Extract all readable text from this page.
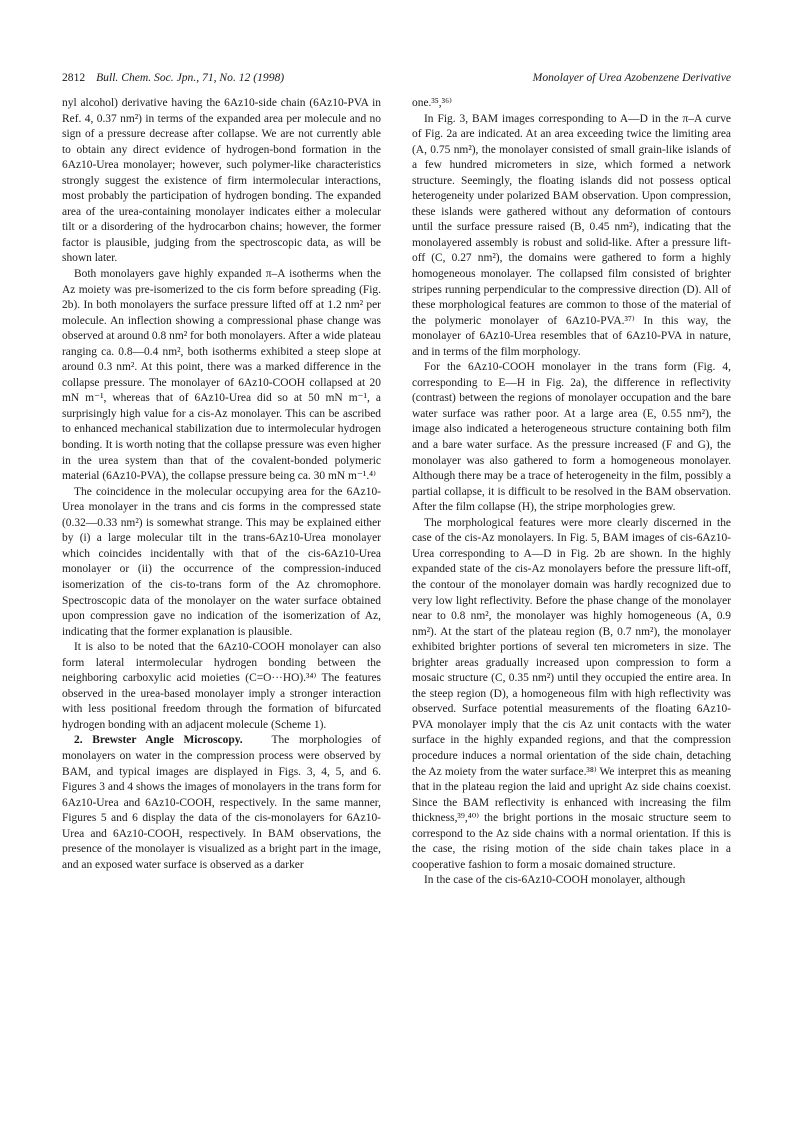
2812 Bull. Chem. Soc. Jpn., 71, No. 12 (1998)	Monolayer of Urea Azobenzene Derivative

nyl alcohol) derivative having the 6Az10-side chain (6Az10-PVA in Ref. 4, 0.37 nm²) in terms of the expanded area per molecule and no sign of a pressure decrease after collapse. We are not currently able to obtain any direct evidence of hydrogen-bond formation in the 6Az10-Urea monolayer; however, such polymer-like characteristics strongly suggest the existence of firm intermolecular interactions, most probably the participation of hydrogen bonding. The expanded area of the urea-containing monolayer indicates either a molecular tilt or a disordering of the hydrocarbon chains; however, the former factor is plausible, judging from the spectroscopic data, as will be shown later.

Both monolayers gave highly expanded π–A isotherms when the Az moiety was pre-isomerized to the cis form before spreading (Fig. 2b). In both monolayers the surface pressure lifted off at 1.2 nm² per molecule. An inflection showing a compressional phase change was observed at around 0.8 nm² for both monolayers. After a wide plateau ranging ca. 0.8—0.4 nm², both isotherms exhibited a steep slope at around 0.3 nm². At this point, there was a marked difference in the collapse pressure. The monolayer of 6Az10-COOH collapsed at 20 mN m⁻¹, whereas that of 6Az10-Urea did so at 50 mN m⁻¹, a surprisingly high value for a cis-Az monolayer. This can be ascribed to enhanced mechanical stabilization due to intermolecular hydrogen bonding. It is worth noting that the collapse pressure was even higher in the urea system than that of the covalent-bonded polymeric material (6Az10-PVA), the collapse pressure being ca. 30 mN m⁻¹.⁴⁾

The coincidence in the molecular occupying area for the 6Az10-Urea monolayer in the trans and cis forms in the compressed state (0.32—0.33 nm²) is somewhat strange. This may be explained either by (i) a large molecular tilt in the trans-6Az10-Urea monolayer which coincides incidentally with that of the cis-6Az10-Urea monolayer or (ii) the occurrence of the compression-induced isomerization of the cis-to-trans form of the Az chromophore. Spectroscopic data of the monolayer on the water surface obtained upon compression gave no indication of the isomerization of Az, indicating that the former explanation is plausible.

It is also to be noted that the 6Az10-COOH monolayer can also form lateral intermolecular hydrogen bonding between the neighboring carboxylic acid moieties (C=O···HO).³⁴⁾ The features observed in the urea-based monolayer imply a stronger interaction with less positional freedom through the formation of bifurcated hydrogen bonding with an adjacent molecule (Scheme 1).

2. Brewster Angle Microscopy.	The morphologies of monolayers on water in the compression process were observed by BAM, and typical images are displayed in Figs. 3, 4, 5, and 6. Figures 3 and 4 shows the images of monolayers in the trans form for 6Az10-Urea and 6Az10-COOH, respectively. In the same manner, Figures 5 and 6 display the data of the cis-monolayers for 6Az10-Urea and 6Az10-COOH, respectively. In BAM observations, the presence of the monolayer is visualized as a bright part in the image, and an exposed water surface is observed as a darker

one.³⁵,³⁶⁾

In Fig. 3, BAM images corresponding to A—D in the π–A curve of Fig. 2a are indicated. At an area exceeding twice the limiting area (A, 0.75 nm²), the monolayer consisted of small grain-like islands of a few hundred micrometers in size, which formed a network structure. Seemingly, the floating islands did not possess optical heterogeneity under polarized BAM observation. Upon compression, these islands were gathered without any deformation of contours until the surface pressure raised (B, 0.45 nm²), indicating that the monolayered assembly is robust and solid-like. After a pressure lift-off (C, 0.27 nm²), the domains were gathered to form a highly homogeneous monolayer. The collapsed film consisted of brighter stripes running perpendicular to the compressive direction (D). All of these morphological features are common to those of the material of the polymeric monolayer of 6Az10-PVA.³⁷⁾ In this way, the monolayer of 6Az10-Urea resembles that of 6Az10-PVA in nature, and in terms of the film morphology.

For the 6Az10-COOH monolayer in the trans form (Fig. 4, corresponding to E—H in Fig. 2a), the difference in reflectivity (contrast) between the regions of monolayer occupation and the bare water surface was rather poor. At a large area (E, 0.55 nm²), the image also indicated a heterogeneous structure containing both film and a bare water surface. As the pressure increased (F and G), the monolayer was also gathered to form a homogeneous monolayer. Although there may be a trace of heterogeneity in the film, possibly a partial collapse, it is difficult to be resolved in the BAM observation. After the film collapse (H), the stripe morphologies grew.

The morphological features were more clearly discerned in the case of the cis-Az monolayers. In Fig. 5, BAM images of cis-6Az10-Urea corresponding to A—D in Fig. 2b are shown. In the highly expanded state of the cis-Az monolayers before the pressure lift-off, the contour of the monolayer domain was hardly recognized due to very low light reflectivity. Before the phase change of the monolayer near to 0.8 nm², the monolayer was highly homogeneous (A, 0.9 nm²). At the start of the plateau region (B, 0.7 nm²), the monolayer exhibited brighter portions of several ten micrometers in size. The brighter areas gradually increased upon compression to form a mosaic structure (C, 0.35 nm²) until they occupied the entire area. In the steep region (D), a homogeneous film with high reflectivity was observed. Surface potential measurements of the floating 6Az10-PVA monolayer imply that the cis Az unit contacts with the water surface in the highly expanded regions, and that the compression procedure induces a normal orientation of the side chain, detaching the Az moiety from the water surface.³⁸⁾ We interpret this as meaning that in the plateau region the laid and upright Az side chains coexist. Since the BAM reflectivity is enhanced with increasing the film thickness,³⁹,⁴⁰⁾ the bright portions in the mosaic structure seem to correspond to the Az side chains with a normal orientation. If this is the case, the rising motion of the side chain takes place in a cooperative fashion to form a mosaic domained structure.

In the case of the cis-6Az10-COOH monolayer, although
